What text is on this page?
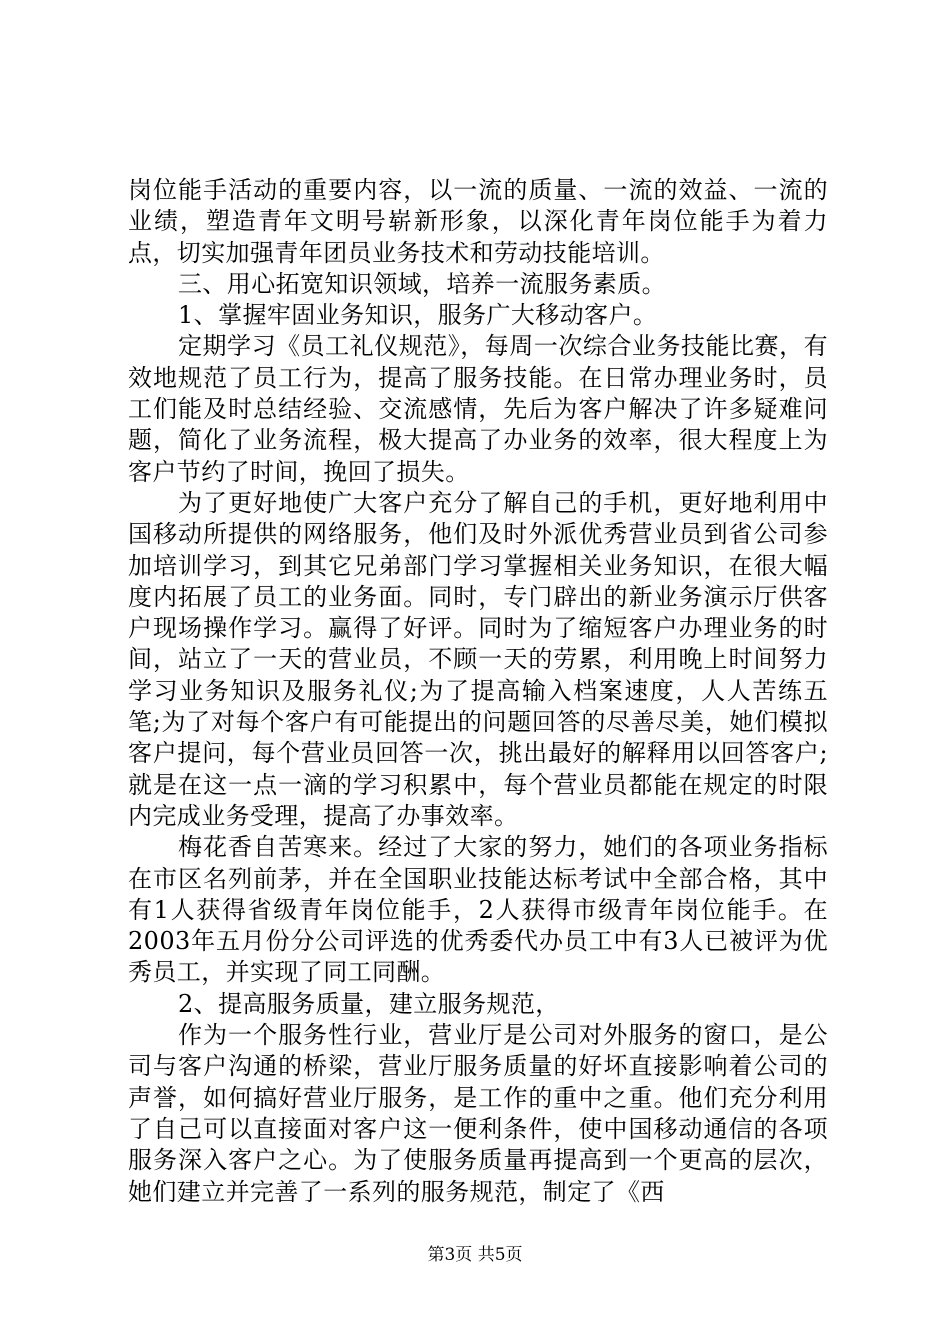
岗位能手活动的重要内容，以一流的质量、一流的效益、一流的业绩，塑造青年文明号崭新形象，以深化青年岗位能手为着力点，切实加强青年团员业务技术和劳动技能培训。

三、用心拓宽知识领域，培养一流服务素质。

1、掌握牢固业务知识，服务广大移动客户。

定期学习《员工礼仪规范》，每周一次综合业务技能比赛，有效地规范了员工行为，提高了服务技能。在日常办理业务时，员工们能及时总结经验、交流感情，先后为客户解决了许多疑难问题，简化了业务流程，极大提高了办业务的效率，很大程度上为客户节约了时间，挽回了损失。

为了更好地使广大客户充分了解自己的手机，更好地利用中国移动所提供的网络服务，他们及时外派优秀营业员到省公司参加培训学习，到其它兄弟部门学习掌握相关业务知识，在很大幅度内拓展了员工的业务面。同时，专门辟出的新业务演示厅供客户现场操作学习。赢得了好评。同时为了缩短客户办理业务的时间，站立了一天的营业员，不顾一天的劳累，利用晚上时间努力学习业务知识及服务礼仪;为了提高输入档案速度，人人苦练五笔;为了对每个客户有可能提出的问题回答的尽善尽美，她们模拟客户提问，每个营业员回答一次，挑出最好的解释用以回答客户;就是在这一点一滴的学习积累中，每个营业员都能在规定的时限内完成业务受理，提高了办事效率。

梅花香自苦寒来。经过了大家的努力，她们的各项业务指标在市区名列前茅，并在全国职业技能达标考试中全部合格，其中有1人获得省级青年岗位能手，2人获得市级青年岗位能手。在2003年五月份分公司评选的优秀委代办员工中有3人已被评为优秀员工，并实现了同工同酬。

2、提高服务质量，建立服务规范，

作为一个服务性行业，营业厅是公司对外服务的窗口，是公司与客户沟通的桥梁，营业厅服务质量的好坏直接影响着公司的声誉，如何搞好营业厅服务，是工作的重中之重。他们充分利用了自己可以直接面对客户这一便利条件，使中国移动通信的各项服务深入客户之心。为了使服务质量再提高到一个更高的层次，她们建立并完善了一系列的服务规范，制定了《西

第3页 共5页
